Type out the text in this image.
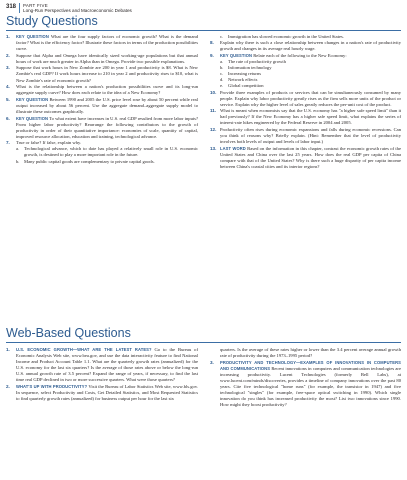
318 PART FIVE
Long-Run Perspectives and Macroeconomic Debates
Study Questions
1. KEY QUESTION What are the four supply factors of economic growth? What is the demand factor? What is the efficiency factor? Illustrate these factors in terms of the production possibilities curve.
2. Suppose that Alpha and Omega have identically sized working-age populations but that annual hours of work are much greater in Alpha than in Omega. Provide two possible explanations.
3. Suppose that work hours in New Zombie are 200 in year 1 and productivity is $8. What is New Zombie's real GDP? If work hours increase to 210 in year 2 and productivity rises to $10, what is New Zombie's rate of economic growth?
4. What is the relationship between a nation's production possibilities curve and its long-run aggregate supply curve? How does each relate to the idea of a New Economy?
5. KEY QUESTION Between 1990 and 2005 the U.S. price level rose by about 50 percent while real output increased by about 56 percent. Use the aggregate demand–aggregate supply model to illustrate these outcomes graphically.
6. KEY QUESTION To what extent have increases in U.S. real GDP resulted from more labor inputs? From higher labor productivity? Rearrange the following contributors to the growth of productivity in order of their quantitative importance: economies of scale, quantity of capital, improved resource allocation, education and training, technological advance.
7. True or false? If false, explain why.
a. Technological advance, which to date has played a relatively small role in U.S. economic growth, is destined to play a more important role in the future.
b. Many public capital goods are complementary to private capital goods.
c. Immigration has slowed economic growth in the United States.
8. Explain why there is such a close relationship between changes in a nation's rate of productivity growth and changes in its average real hourly wage.
9. KEY QUESTION Relate each of the following to the New Economy:
a. The rate of productivity growth
b. Information technology
c. Increasing returns
d. Network effects
e. Global competition
10. Provide three examples of products or services that can be simultaneously consumed by many people. Explain why labor productivity greatly rises as the firm sells more units of the product or service. Explain why the higher level of sales greatly reduces the per-unit cost of the product.
11. What is meant when economists say that the U.S. economy has "a higher safe speed limit" than it had previously? If the New Economy has a higher safe speed limit, what explains the series of interest-rate hikes engineered by the Federal Reserve in 2004 and 2005.
12. Productivity often rises during economic expansions and falls during economic recessions. Can you think of reasons why? Briefly explain. (Hint: Remember that the level of productivity involves both levels of output and levels of labor input.)
13. LAST WORD Based on the information in this chapter, contrast the economic growth rates of the United States and China over the last 25 years. How does the real GDP per capita of China compare with that of the United States? Why is there such a huge disparity of per capita income between China's coastal cities and its interior regions?
Web-Based Questions
1. U.S. ECONOMIC GROWTH—WHAT ARE THE LATEST RATES? Go to the Bureau of Economic Analysis Web site, www.bea.gov, and use the data interactivity feature to find National Income and Product Account Table 1.1. What are the quarterly growth rates (annualized) for the U.S. economy for the last six quarters? Is the average of those rates above or below the long-run U.S. annual growth rate of 3.5 percent? Expand the range of years, if necessary, to find the last time real GDP declined in two or more successive quarters. What were those quarters?
2. WHAT'S UP WITH PRODUCTIVITY? Visit the Bureau of Labor Statistics Web site, www.bls.gov. In sequence, select Productivity and Costs, Get Detailed Statistics, and Most Requested Statistics to find quarterly growth rates (annualized) for business output per hour for the last six
quarters. Is the average of these rates higher or lower than the 3.4 percent average annual growth rate of productivity during the 1973–1995 period?
3. PRODUCTIVITY AND TECHNOLOGY—EXAMPLES OF INNOVATIONS IN COMPUTERS AND COMMUNICATIONS Recent innovations in computers and communication technologies are increasing productivity. Lucent Technologies (formerly Bell Labs), at www.lucent.com/minds/discoveries, provides a timeline of company innovations over the past 80 years. Cite five technological "home runs" (for example, the transistor in 1947) and five technological "singles" (for example, free-space optical switching in 1990). Which single innovation do you think has increased productivity the most? List two innovations since 1990. How might they boost productivity?
